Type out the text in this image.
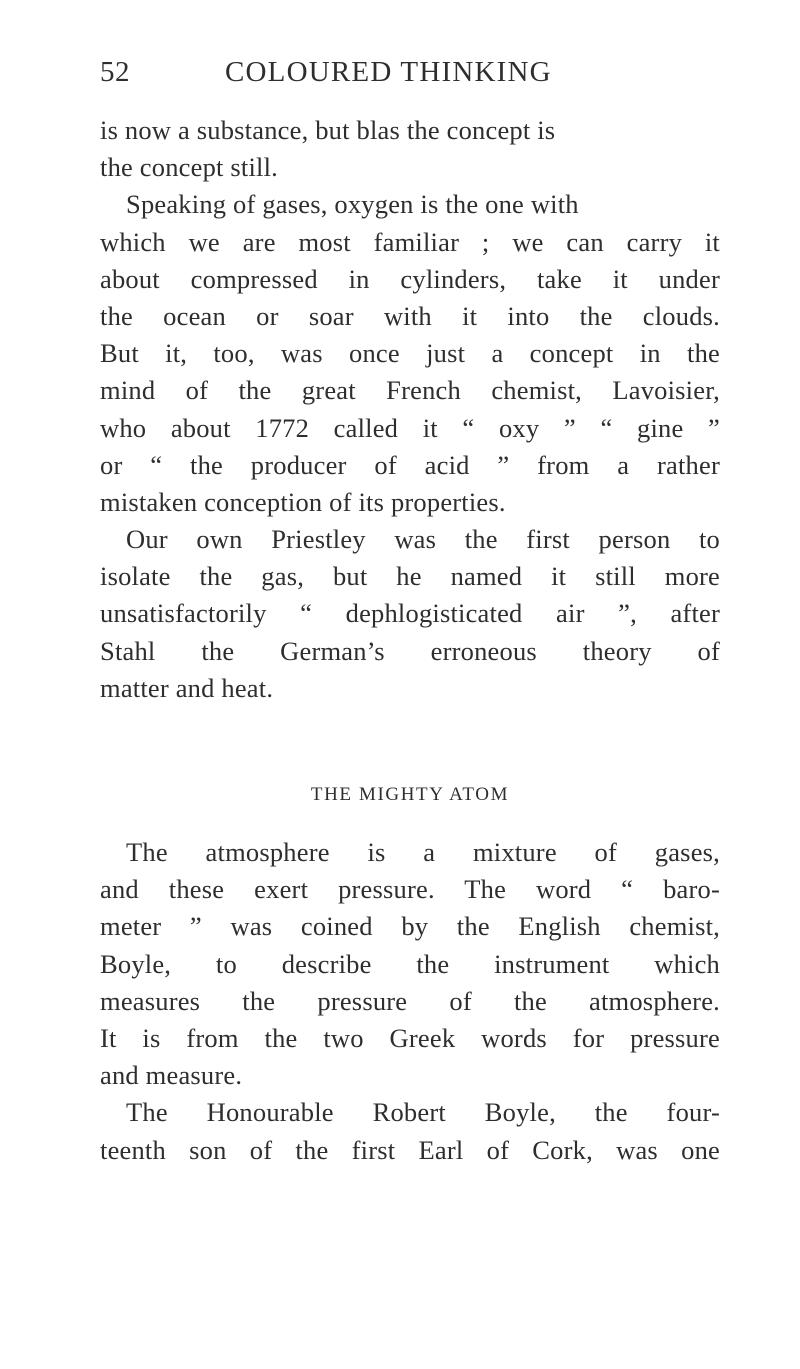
52	COLOURED THINKING
is now a substance, but blas the concept is
the concept still.
Speaking of gases, oxygen is the one with
which we are most familiar ; we can carry it
about compressed in cylinders, take it under
the ocean or soar with it into the clouds.
But it, too, was once just a concept in the
mind of the great French chemist, Lavoisier,
who about 1772 called it “ oxy ” “ gine ”
or “ the producer of acid ” from a rather
mistaken conception of its properties.
Our own Priestley was the first person to
isolate the gas, but he named it still more
unsatisfactorily “ dephlogisticated air ”, after
Stahl the German’s erroneous theory of
matter and heat.
THE MIGHTY ATOM
The atmosphere is a mixture of gases,
and these exert pressure. The word “ baro-
meter ” was coined by the English chemist,
Boyle, to describe the instrument which
measures the pressure of the atmosphere.
It is from the two Greek words for pressure
and measure.
The Honourable Robert Boyle, the four-
teenth son of the first Earl of Cork, was one
